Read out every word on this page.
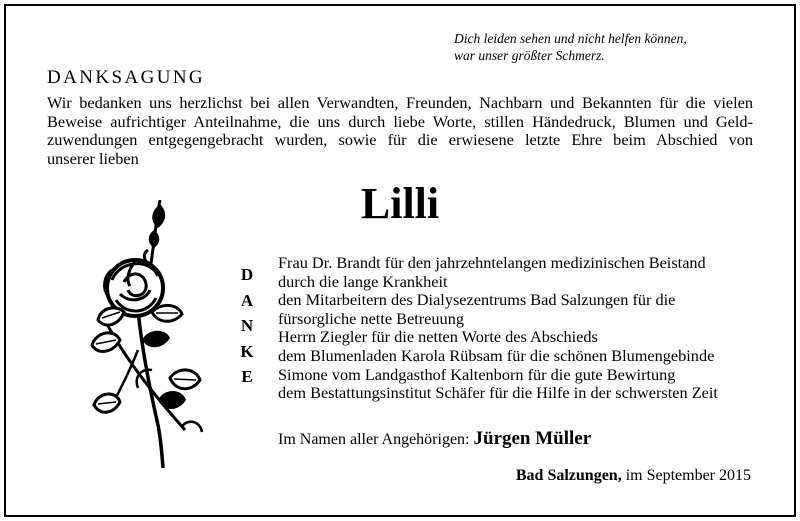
Dich leiden sehen und nicht helfen können,
war unser größter Schmerz.
DANKSAGUNG
Wir bedanken uns herzlichst bei allen Verwandten, Freunden, Nachbarn und Bekannten für die vielen
Beweise aufrichtiger Anteilnahme, die uns durch liebe Worte, stillen Händedruck, Blumen und Geld-
zuwendungen entgegengebracht wurden, sowie für die erwiesene letzte Ehre beim Abschied von
unserer lieben
Lilli
D
A
N
K
E
Frau Dr. Brandt für den jahrzehntelangen medizinischen Beistand
durch die lange Krankheit
den Mitarbeitern des Dialysezentrums Bad Salzungen für die
fürsorgliche nette Betreuung
Herrn Ziegler für die netten Worte des Abschieds
dem Blumenladen Karola Rübsam für die schönen Blumengebinde
Simone vom Landgasthof Kaltenborn für die gute Bewirtung
dem Bestattungsinstitut Schäfer für die Hilfe in der schwersten Zeit
Im Namen aller Angehörigen: Jürgen Müller
Bad Salzungen, im September 2015
